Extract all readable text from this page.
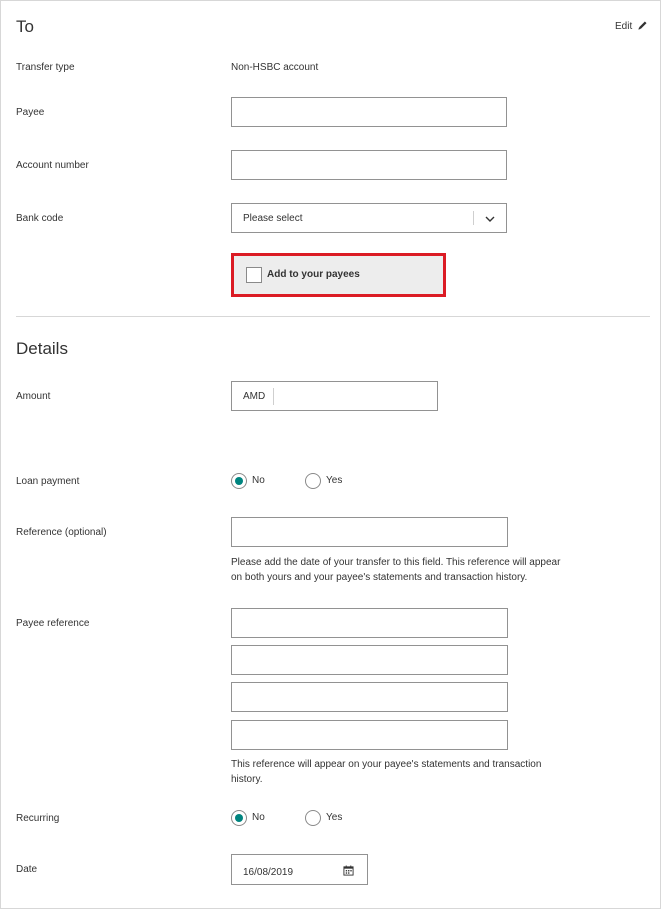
To	Edit
Transfer type	Non-HSBC account
Payee
Account number
Bank code	Please select
Add to your payees
Details
Amount	AMD
Loan payment	No	Yes
Reference (optional)
Please add the date of your transfer to this field. This reference will appear
on both yours and your payee's statements and transaction history.
Payee reference
This reference will appear on your payee's statements and transaction
history.
Recurring	No	Yes
Date	16/08/2019
